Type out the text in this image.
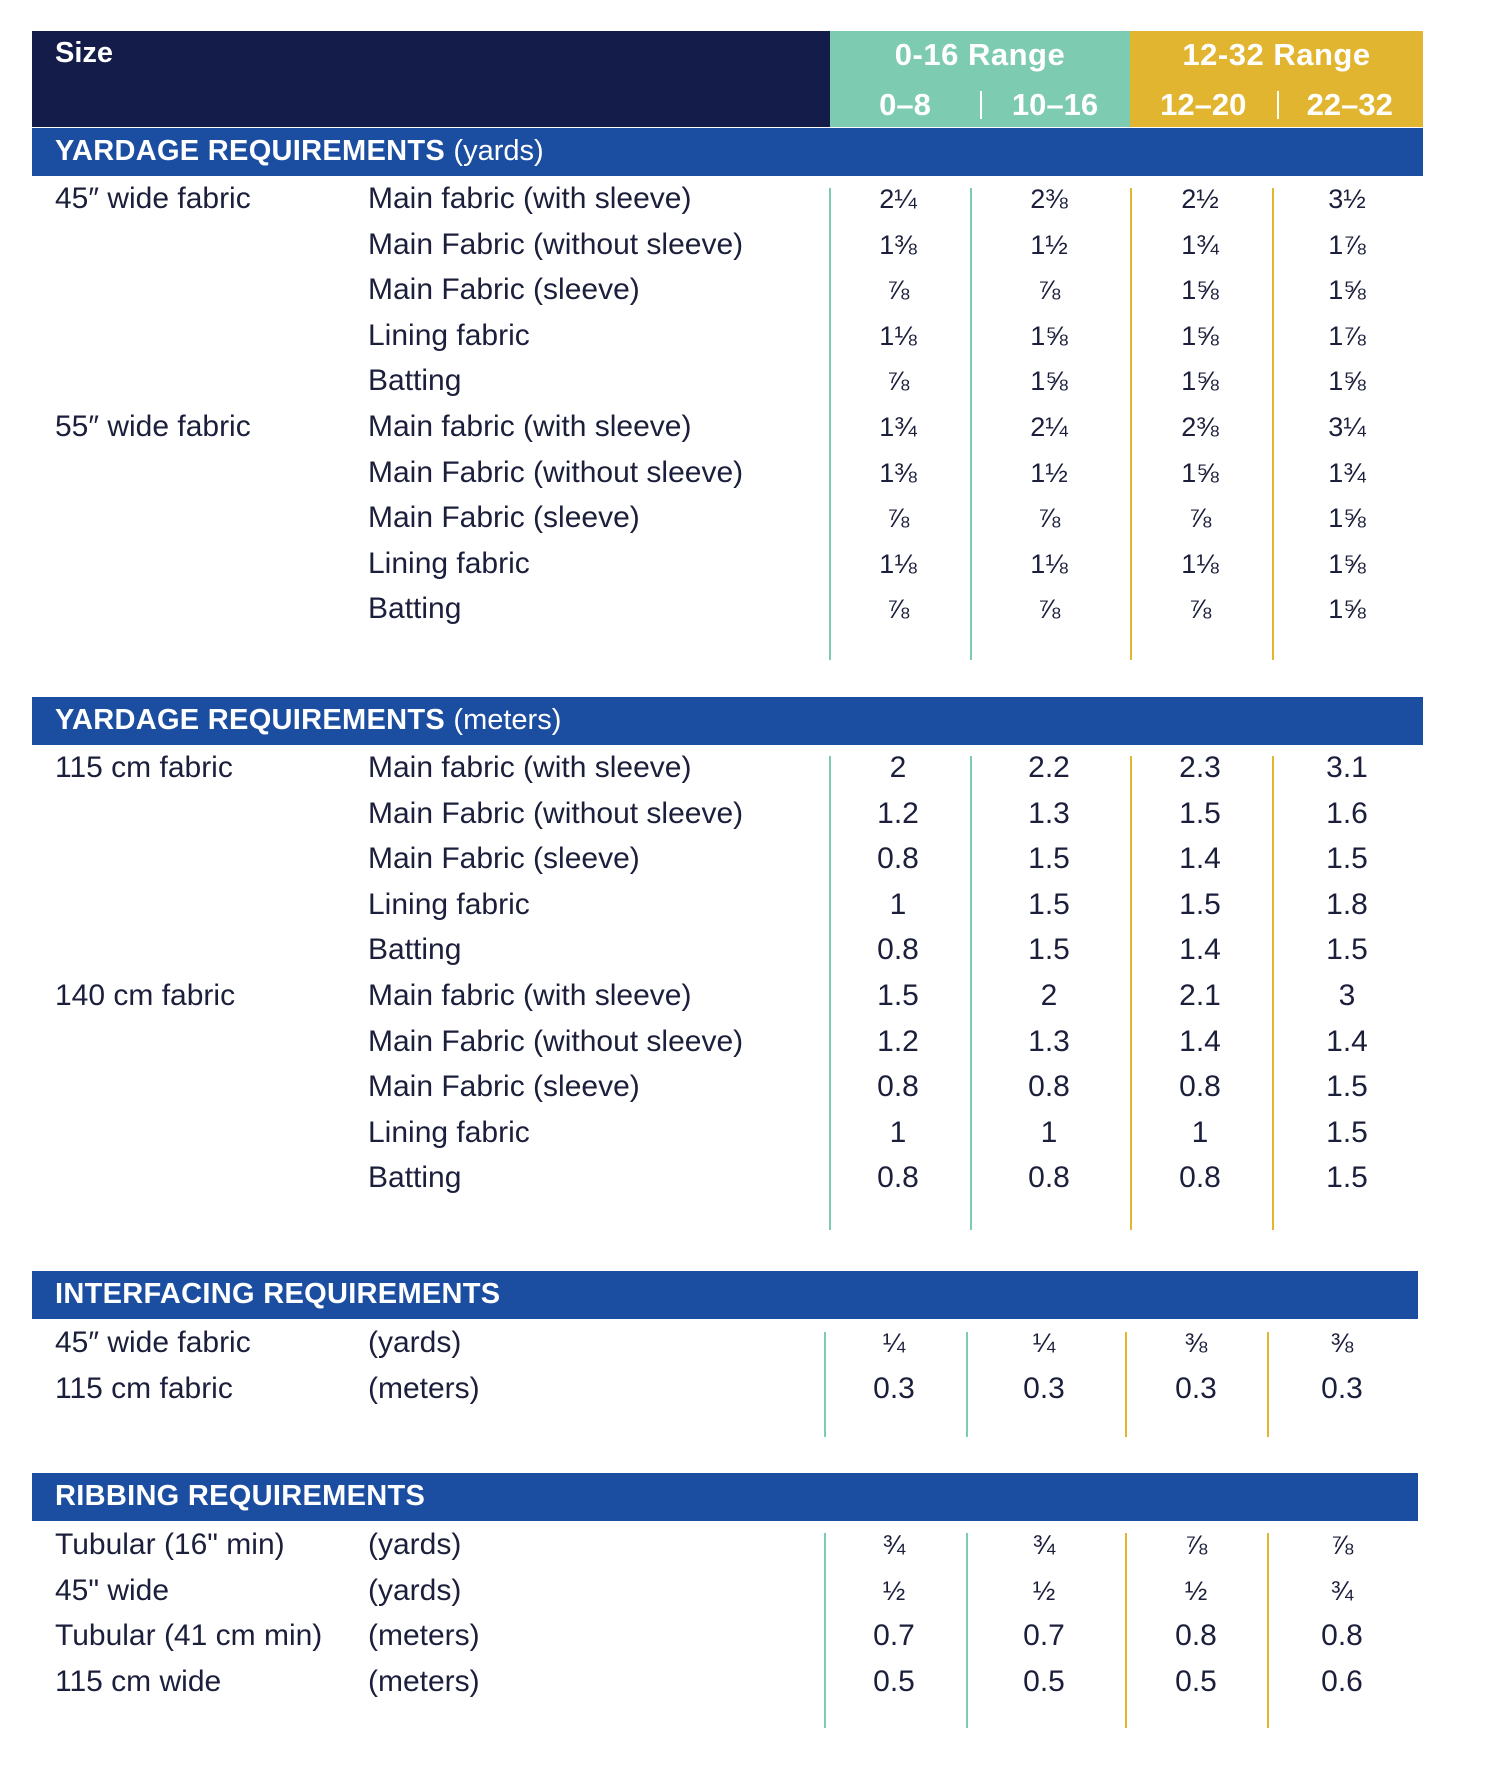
Size	0-16 Range
0–8	10–16
12-32 Range
12–20	22–32
YARDAGE REQUIREMENTS (yards)
45″ wide fabric	Main fabric (with sleeve)	2¼	2⅜	2½	3½
Main Fabric (without sleeve)	1⅜	1½	1¾	1⅞
Main Fabric (sleeve)	⅞	⅞	1⅝	1⅝
Lining fabric	1⅛	1⅝	1⅝	1⅞
Batting	⅞	1⅝	1⅝	1⅝
55″ wide fabric	Main fabric (with sleeve)	1¾	2¼	2⅜	3¼
Main Fabric (without sleeve)	1⅜	1½	1⅝	1¾
Main Fabric (sleeve)	⅞	⅞	⅞	1⅝
Lining fabric	1⅛	1⅛	1⅛	1⅝
Batting	⅞	⅞	⅞	1⅝
YARDAGE REQUIREMENTS (meters)
115 cm fabric	Main fabric (with sleeve)	2	2.2	2.3	3.1
Main Fabric (without sleeve)	1.2	1.3	1.5	1.6
Main Fabric (sleeve)	0.8	1.5	1.4	1.5
Lining fabric	1	1.5	1.5	1.8
Batting	0.8	1.5	1.4	1.5
140 cm fabric	Main fabric (with sleeve)	1.5	2	2.1	3
Main Fabric (without sleeve)	1.2	1.3	1.4	1.4
Main Fabric (sleeve)	0.8	0.8	0.8	1.5
Lining fabric	1	1	1	1.5
Batting	0.8	0.8	0.8	1.5
INTERFACING REQUIREMENTS
45″ wide fabric	(yards)	¼	¼	⅜	⅜
115 cm fabric	(meters)	0.3	0.3	0.3	0.3
RIBBING REQUIREMENTS
Tubular (16" min)	(yards)	¾	¾	⅞	⅞
45" wide	(yards)	½	½	½	¾
Tubular (41 cm min) (meters)	0.7	0.7	0.8	0.8
115 cm wide	(meters)	0.5	0.5	0.5	0.6
